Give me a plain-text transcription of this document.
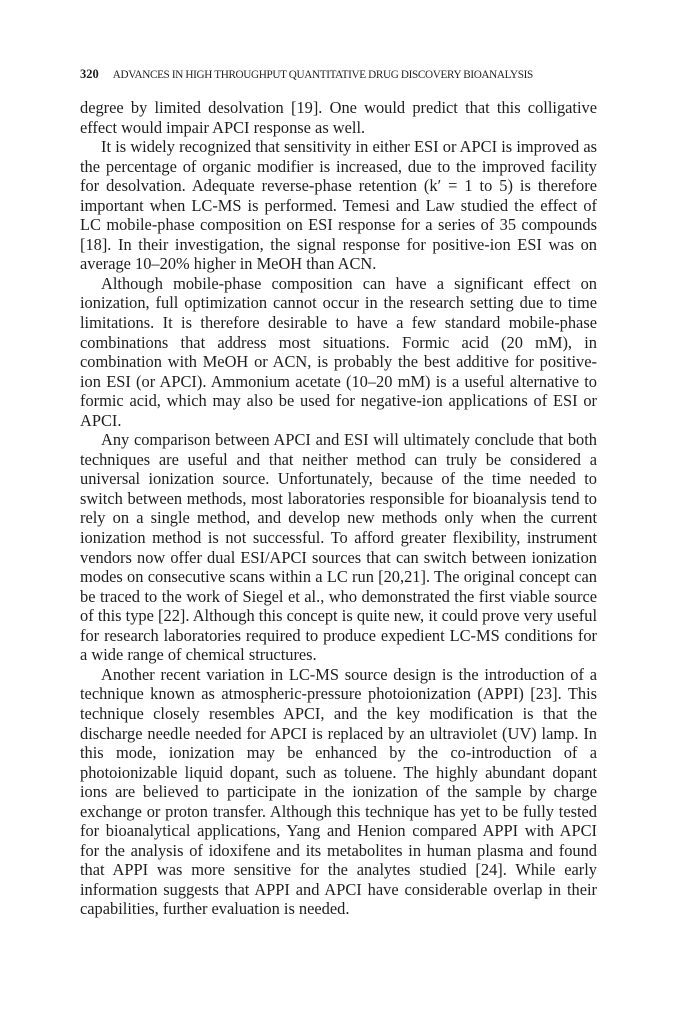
320 ADVANCES IN HIGH THROUGHPUT QUANTITATIVE DRUG DISCOVERY BIOANALYSIS

degree by limited desolvation [19]. One would predict that this colligative effect would impair APCI response as well.

It is widely recognized that sensitivity in either ESI or APCI is improved as the percentage of organic modifier is increased, due to the improved facility for desolvation. Adequate reverse-phase retention (k′ = 1 to 5) is therefore important when LC-MS is performed. Temesi and Law studied the effect of LC mobile-phase composition on ESI response for a series of 35 compounds [18]. In their investigation, the signal response for positive-ion ESI was on average 10–20% higher in MeOH than ACN.

Although mobile-phase composition can have a significant effect on ionization, full optimization cannot occur in the research setting due to time limitations. It is therefore desirable to have a few standard mobile-phase combinations that address most situations. Formic acid (20 mM), in combination with MeOH or ACN, is probably the best additive for positive-ion ESI (or APCI). Ammonium acetate (10–20 mM) is a useful alternative to formic acid, which may also be used for negative-ion applications of ESI or APCI.

Any comparison between APCI and ESI will ultimately conclude that both techniques are useful and that neither method can truly be considered a universal ionization source. Unfortunately, because of the time needed to switch between methods, most laboratories responsible for bioanalysis tend to rely on a single method, and develop new methods only when the current ionization method is not successful. To afford greater flexibility, instrument vendors now offer dual ESI/APCI sources that can switch between ionization modes on consecutive scans within a LC run [20,21]. The original concept can be traced to the work of Siegel et al., who demonstrated the first viable source of this type [22]. Although this concept is quite new, it could prove very useful for research laboratories required to produce expedient LC-MS conditions for a wide range of chemical structures.

Another recent variation in LC-MS source design is the introduction of a technique known as atmospheric-pressure photoionization (APPI) [23]. This technique closely resembles APCI, and the key modification is that the discharge needle needed for APCI is replaced by an ultraviolet (UV) lamp. In this mode, ionization may be enhanced by the co-introduction of a photoionizable liquid dopant, such as toluene. The highly abundant dopant ions are believed to participate in the ionization of the sample by charge exchange or proton transfer. Although this technique has yet to be fully tested for bioanalytical applications, Yang and Henion compared APPI with APCI for the analysis of idoxifene and its metabolites in human plasma and found that APPI was more sensitive for the analytes studied [24]. While early information suggests that APPI and APCI have considerable overlap in their capabilities, further evaluation is needed.
